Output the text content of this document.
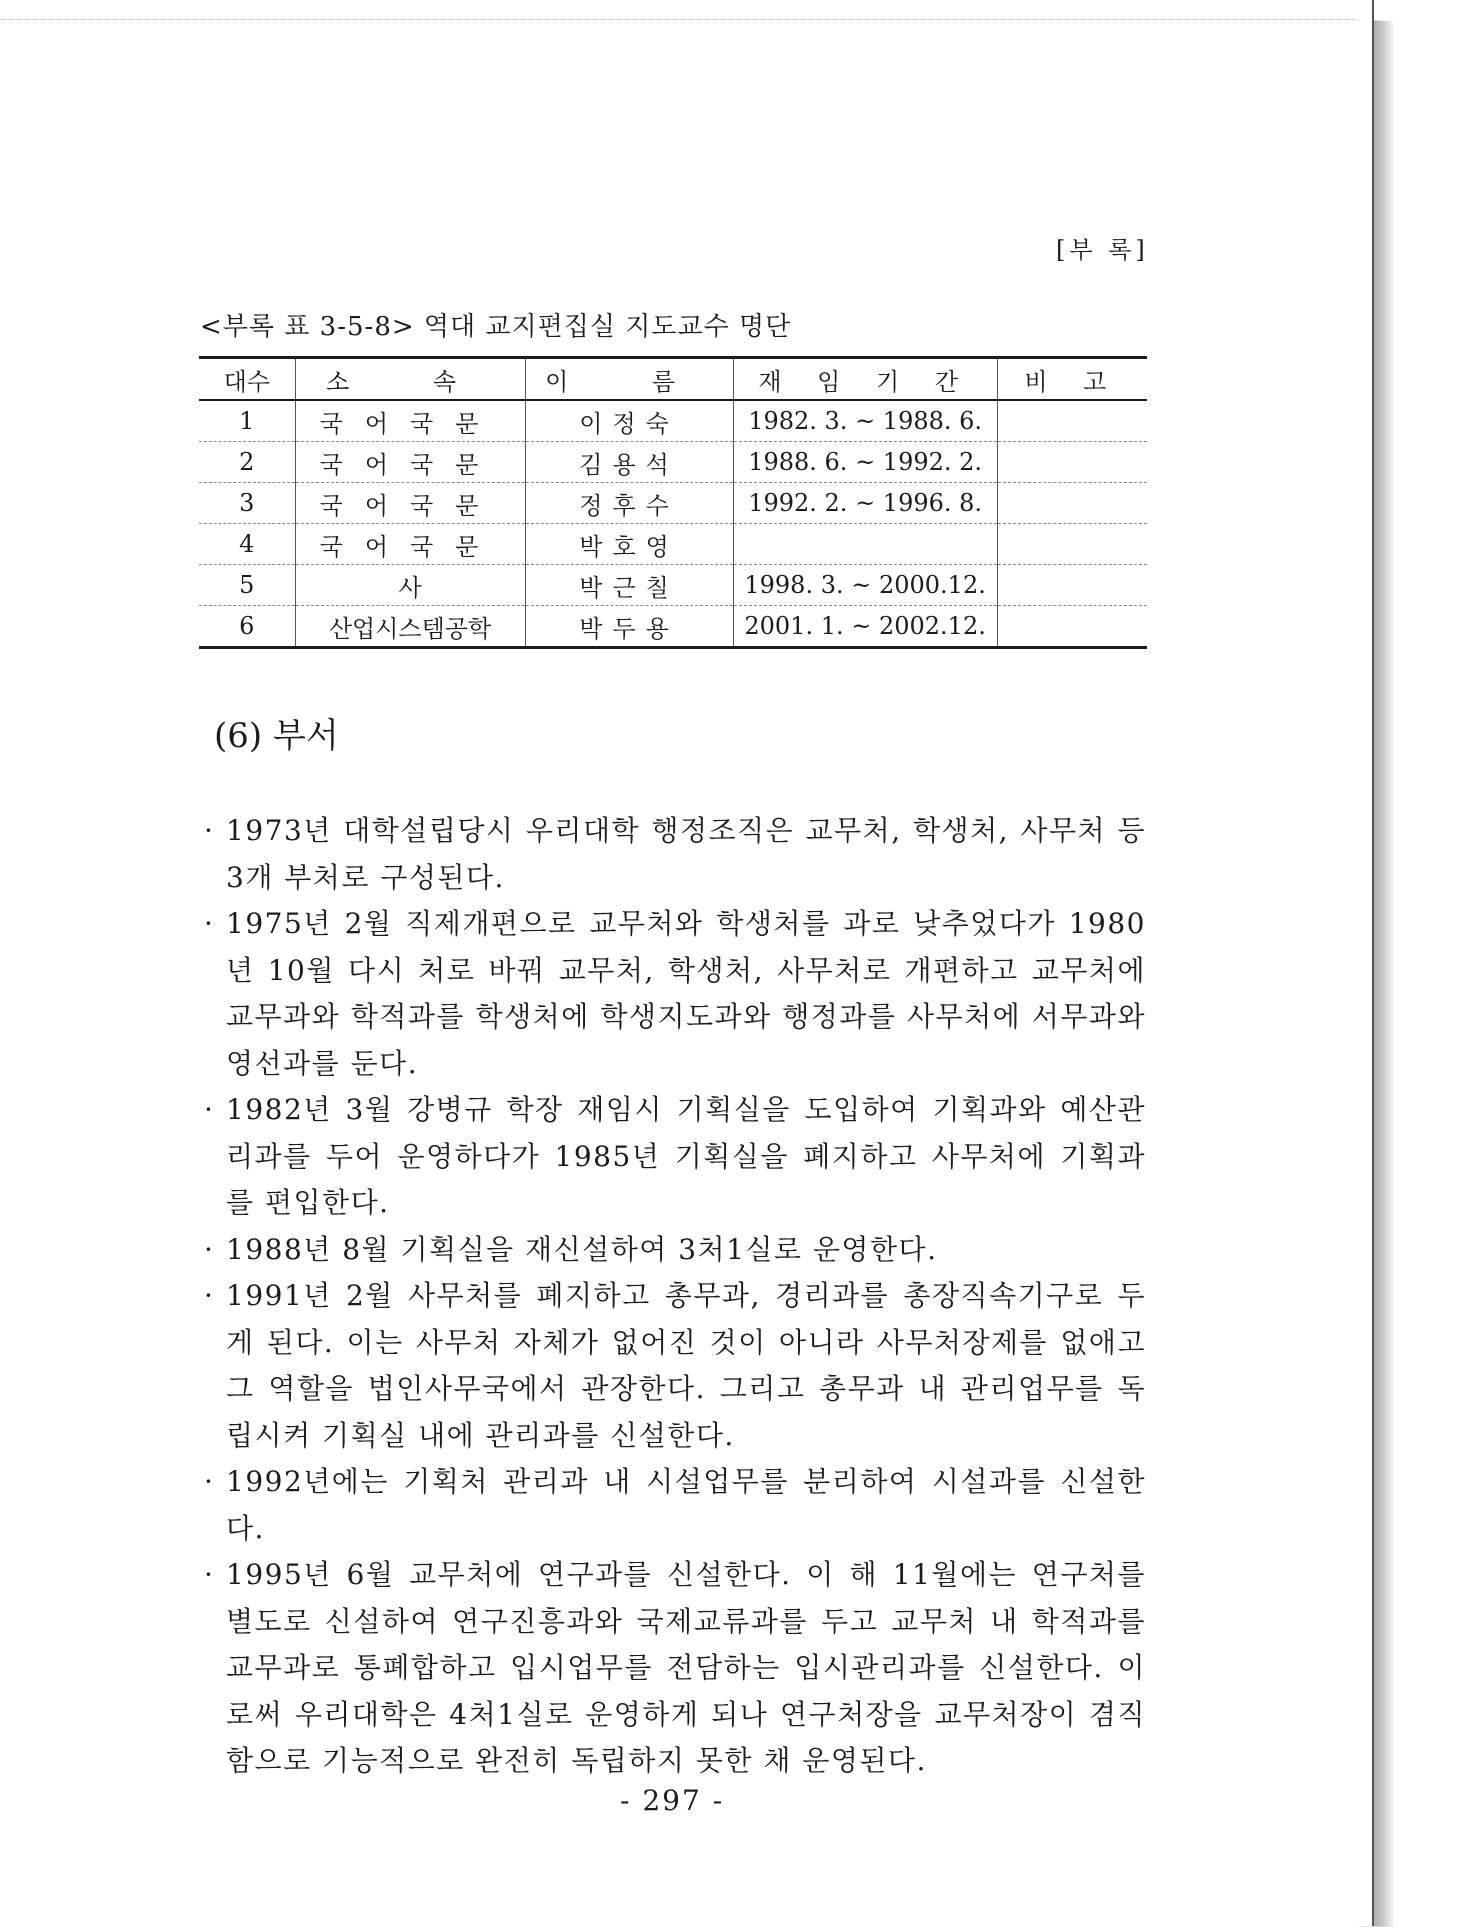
[부 록]
<부록 표 3-5-8> 역대 교지편집실 지도교수 명단
대수	소 속	이 름	재 임 기 간	비 고
1	국어국문	이정숙	1982. 3. ~ 1988. 6.	
2	국어국문	김용석	1988. 6. ~ 1992. 2.	
3	국어국문	정후수	1992. 2. ~ 1996. 8.	
4	국어국문	박호영		
5	사	박근칠	1998. 3. ~ 2000.12.	
6	산업시스템공학	박두용	2001. 1. ~ 2002.12.	
(6) 부서
· 1973년 대학설립당시 우리대학 행정조직은 교무처, 학생처, 사무처 등 3개 부처로 구성된다.
· 1975년 2월 직제개편으로 교무처와 학생처를 과로 낮추었다가 1980년 10월 다시 처로 바꿔 교무처, 학생처, 사무처로 개편하고 교무처에 교무과와 학적과를 학생처에 학생지도과와 행정과를 사무처에 서무과와 영선과를 둔다.
· 1982년 3월 강병규 학장 재임시 기획실을 도입하여 기획과와 예산관리과를 두어 운영하다가 1985년 기획실을 폐지하고 사무처에 기획과를 편입한다.
· 1988년 8월 기획실을 재신설하여 3처1실로 운영한다.
· 1991년 2월 사무처를 폐지하고 총무과, 경리과를 총장직속기구로 두게 된다. 이는 사무처 자체가 없어진 것이 아니라 사무처장제를 없애고 그 역할을 법인사무국에서 관장한다. 그리고 총무과 내 관리업무를 독립시켜 기획실 내에 관리과를 신설한다.
· 1992년에는 기획처 관리과 내 시설업무를 분리하여 시설과를 신설한다.
· 1995년 6월 교무처에 연구과를 신설한다. 이 해 11월에는 연구처를 별도로 신설하여 연구진흥과와 국제교류과를 두고 교무처 내 학적과를 교무과로 통폐합하고 입시업무를 전담하는 입시관리과를 신설한다. 이로써 우리대학은 4처1실로 운영하게 되나 연구처장을 교무처장이 겸직함으로 기능적으로 완전히 독립하지 못한 채 운영된다.
- 297 -
